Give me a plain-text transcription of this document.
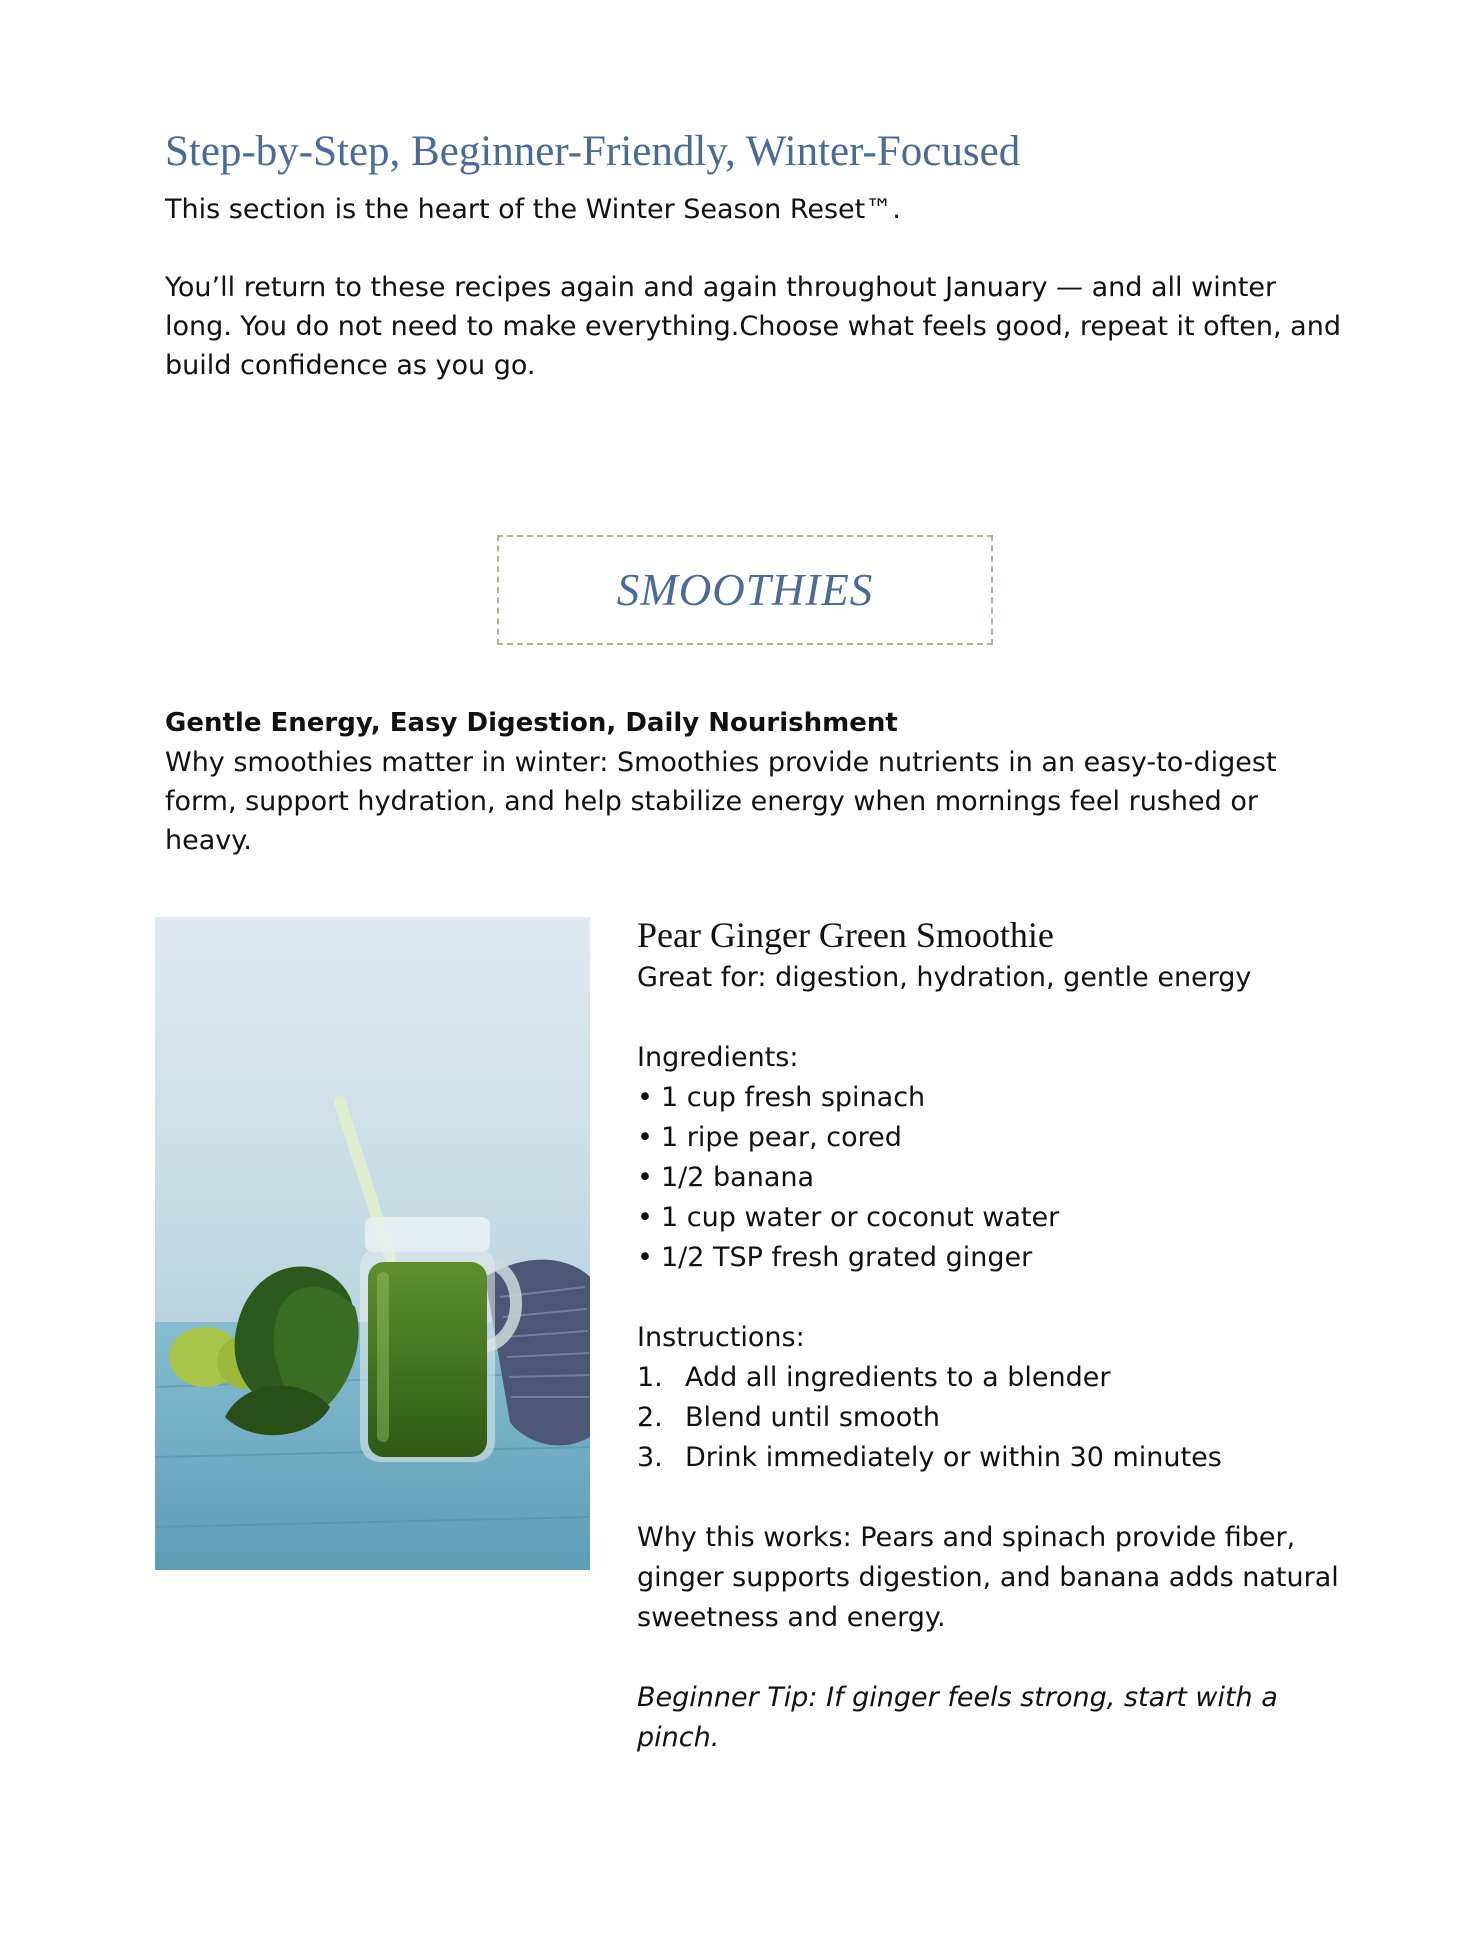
Step-by-Step, Beginner-Friendly, Winter-Focused

This section is the heart of the Winter Season Reset™.

You’ll return to these recipes again and again throughout January — and all winter long. You do not need to make everything.Choose what feels good, repeat it often, and build confidence as you go.

SMOOTHIES

Gentle Energy, Easy Digestion, Daily Nourishment

Why smoothies matter in winter: Smoothies provide nutrients in an easy-to-digest form, support hydration, and help stabilize energy when mornings feel rushed or heavy.

Pear Ginger Green Smoothie

Great for: digestion, hydration, gentle energy

Ingredients:

• 1 cup fresh spinach
• 1 ripe pear, cored
• 1/2 banana
• 1 cup water or coconut water
• 1/2 TSP fresh grated ginger

Instructions:

1. Add all ingredients to a blender
2. Blend until smooth
3. Drink immediately or within 30 minutes

Why this works: Pears and spinach provide fiber, ginger supports digestion, and banana adds natural sweetness and energy.

Beginner Tip: If ginger feels strong, start with a pinch.
